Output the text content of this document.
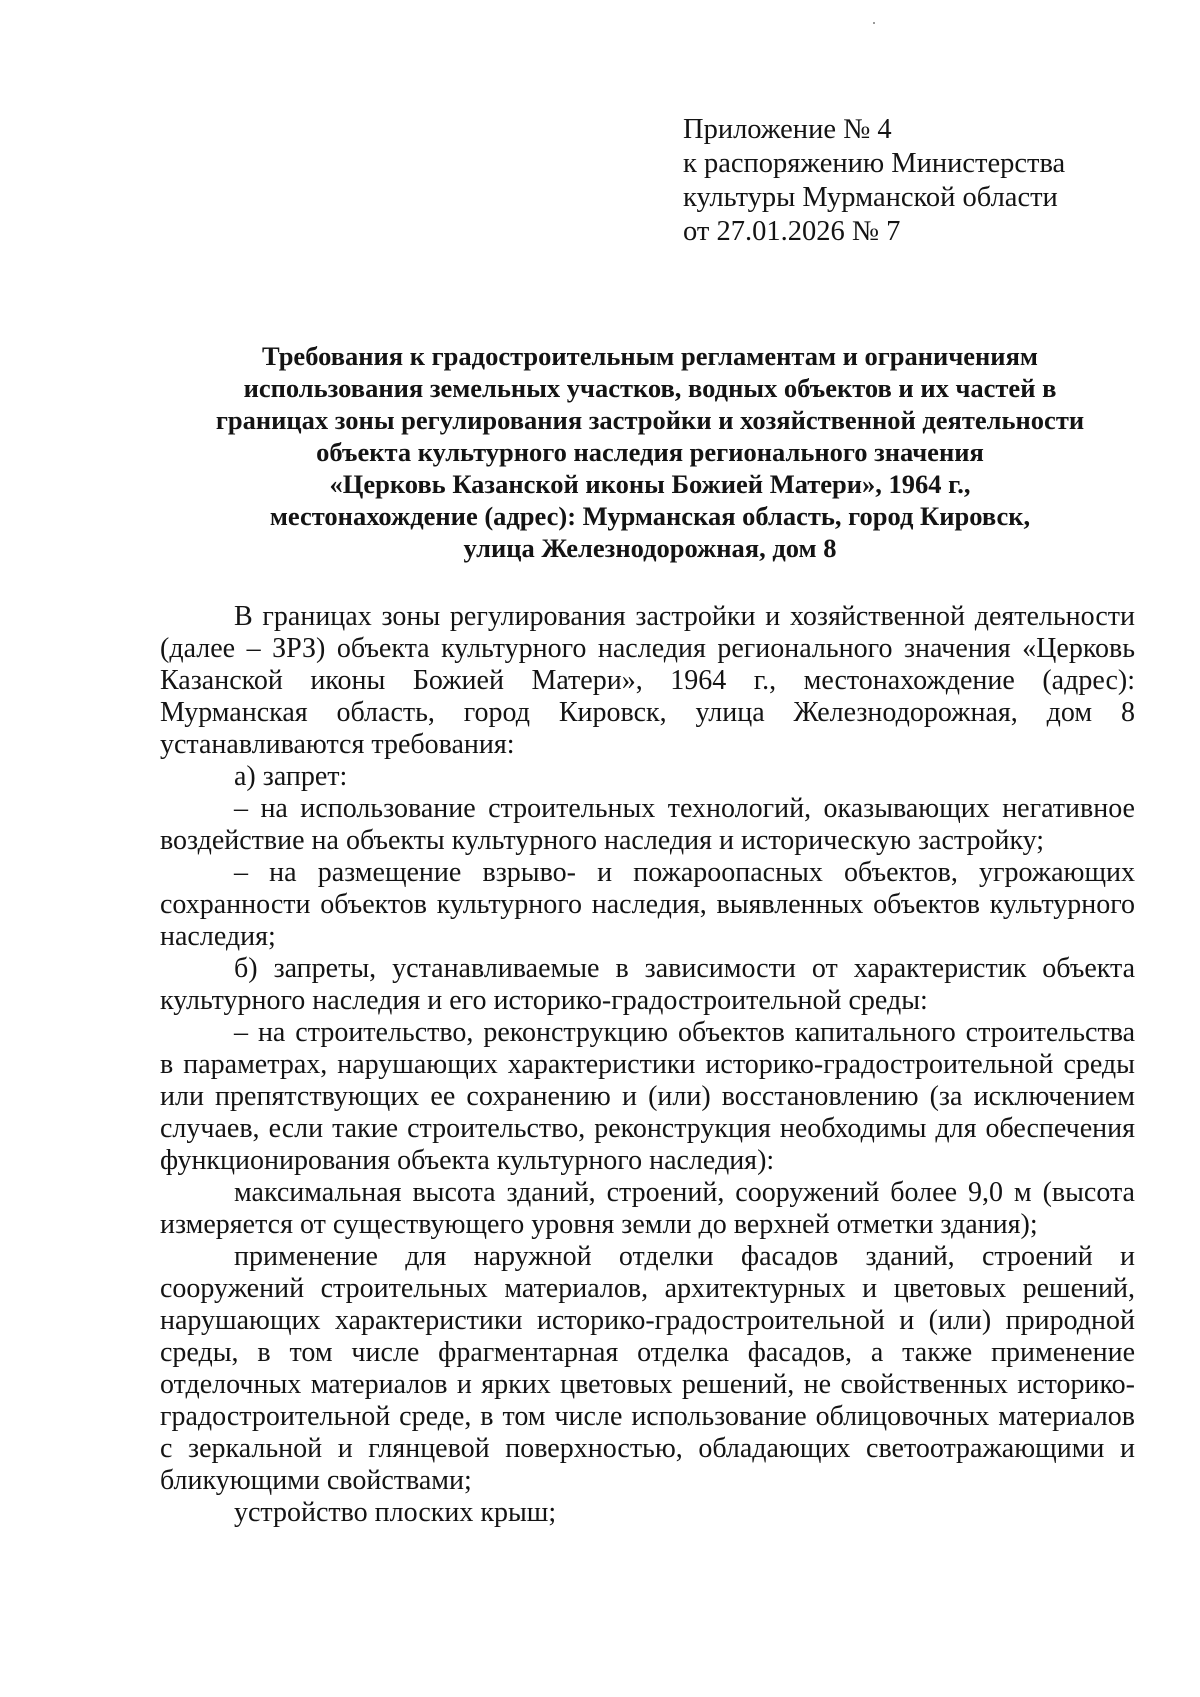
Приложение № 4
к распоряжению Министерства
культуры Мурманской области
от 27.01.2026 № 7
Требования к градостроительным регламентам и ограничениям
использования земельных участков, водных объектов и их частей в
границах зоны регулирования застройки и хозяйственной деятельности
объекта культурного наследия регионального значения
«Церковь Казанской иконы Божией Матери», 1964 г.,
местонахождение (адрес): Мурманская область, город Кировск,
улица Железнодорожная, дом 8

В границах зоны регулирования застройки и хозяйственной деятельности (далее – ЗРЗ) объекта культурного наследия регионального значения «Церковь Казанской иконы Божией Матери», 1964 г., местонахождение (адрес): Мурманская область, город Кировск, улица Железнодорожная, дом 8 устанавливаются требования:

а) запрет:

– на использование строительных технологий, оказывающих негативное воздействие на объекты культурного наследия и историческую застройку;

– на размещение взрыво- и пожароопасных объектов, угрожающих сохранности объектов культурного наследия, выявленных объектов культурного наследия;

б) запреты, устанавливаемые в зависимости от характеристик объекта культурного наследия и его историко-градостроительной среды:

– на строительство, реконструкцию объектов капитального строительства в параметрах, нарушающих характеристики историко-градостроительной среды или препятствующих ее сохранению и (или) восстановлению (за исключением случаев, если такие строительство, реконструкция необходимы для обеспечения функционирования объекта культурного наследия):

максимальная высота зданий, строений, сооружений более 9,0 м (высота измеряется от существующего уровня земли до верхней отметки здания);

применение для наружной отделки фасадов зданий, строений и сооружений строительных материалов, архитектурных и цветовых решений, нарушающих характеристики историко-градостроительной и (или) природной среды, в том числе фрагментарная отделка фасадов, а также применение отделочных материалов и ярких цветовых решений, не свойственных историко-градостроительной среде, в том числе использование облицовочных материалов с зеркальной и глянцевой поверхностью, обладающих светоотражающими и бликующими свойствами;

устройство плоских крыш;
